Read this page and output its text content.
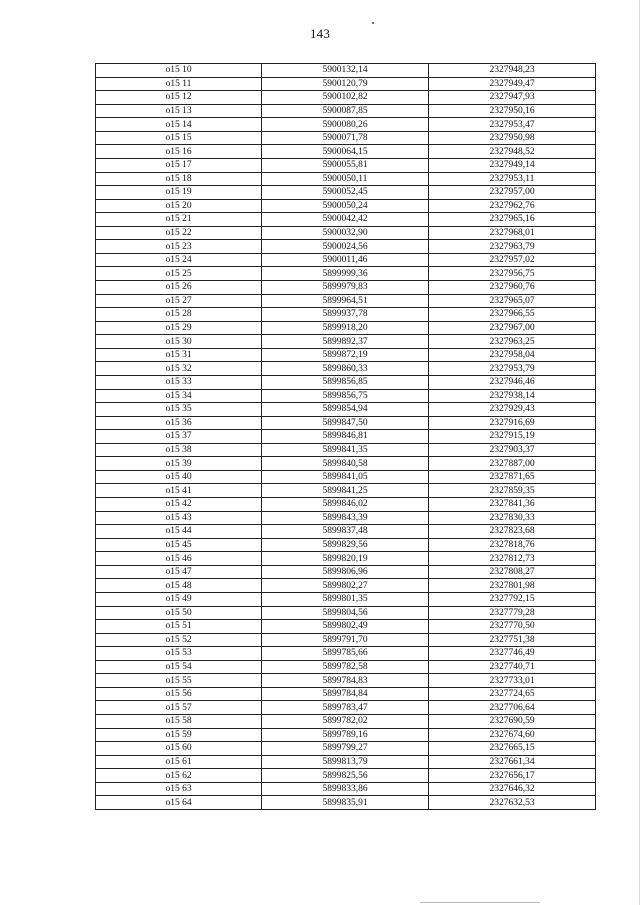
143
о15 10	5900132,14	2327948,23
о15 11	5900120,79	2327949,47
о15 12	5900102,82	2327947,93
о15 13	5900087,85	2327950,16
о15 14	5900080,26	2327953,47
о15 15	5900071,78	2327950,98
о15 16	5900064,15	2327948,52
о15 17	5900055,81	2327949,14
о15 18	5900050,11	2327953,11
о15 19	5900052,45	2327957,00
о15 20	5900050,24	2327962,76
о15 21	5900042,42	2327965,16
о15 22	5900032,90	2327968,01
о15 23	5900024,56	2327963,79
о15 24	5900011,46	2327957,02
о15 25	5899999,36	2327956,75
о15 26	5899979,83	2327960,76
о15 27	5899964,51	2327965,07
о15 28	5899937,78	2327966,55
о15 29	5899918,20	2327967,00
о15 30	5899892,37	2327963,25
о15 31	5899872,19	2327958,04
о15 32	5899860,33	2327953,79
о15 33	5899856,85	2327946,46
о15 34	5899856,75	2327938,14
о15 35	5899854,94	2327929,43
о15 36	5899847,50	2327916,69
о15 37	5899846,81	2327915,19
о15 38	5899841,35	2327903,37
о15 39	5899840,58	2327887,00
о15 40	5899841,05	2327871,65
о15 41	5899841,25	2327859,35
о15 42	5899846,02	2327841,36
о15 43	5899843,39	2327830,33
о15 44	5899837,48	2327823,68
о15 45	5899829,56	2327818,76
о15 46	5899820,19	2327812,73
о15 47	5899806,96	2327808,27
о15 48	5899802,27	2327801,98
о15 49	5899801,35	2327792,15
о15 50	5899804,56	2327779,28
о15 51	5899802,49	2327770,50
о15 52	5899791,70	2327751,38
о15 53	5899785,66	2327746,49
о15 54	5899782,58	2327740,71
о15 55	5899784,83	2327733,01
о15 56	5899784,84	2327724,65
о15 57	5899783,47	2327706,64
о15 58	5899782,02	2327690,59
о15 59	5899789,16	2327674,60
о15 60	5899799,27	2327665,15
о15 61	5899813,79	2327661,34
о15 62	5899825,56	2327656,17
о15 63	5899833,86	2327646,32
о15 64	5899835,91	2327632,53
